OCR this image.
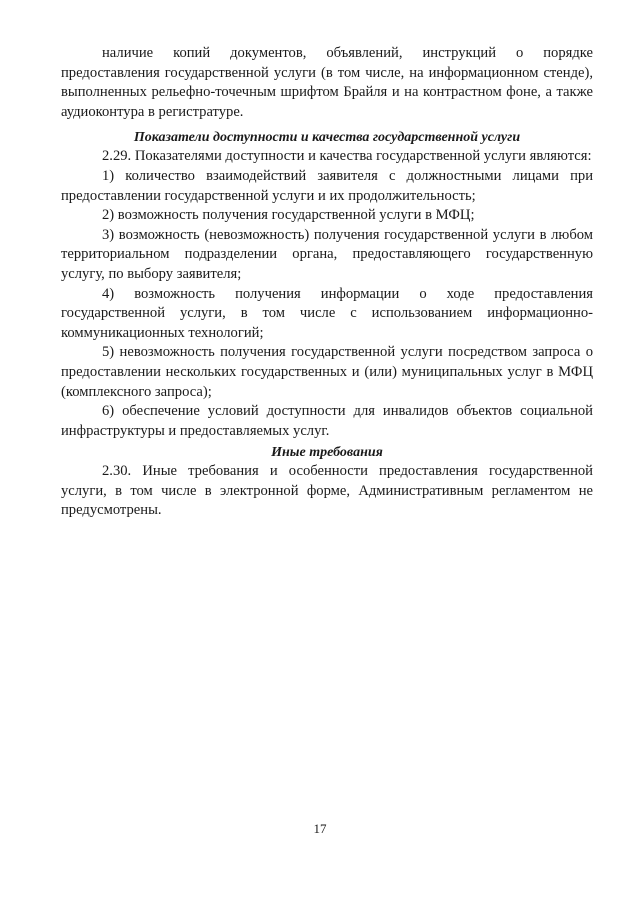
наличие копий документов, объявлений, инструкций о порядке предоставления государственной услуги (в том числе, на информационном стенде), выполненных рельефно-точечным шрифтом Брайля и на контрастном фоне, а также аудиоконтура в регистратуре.

Показатели доступности и качества государственной услуги

2.29. Показателями доступности и качества государственной услуги являются:

1) количество взаимодействий заявителя с должностными лицами при предоставлении государственной услуги и их продолжительность;

2) возможность получения государственной услуги в МФЦ;

3) возможность (невозможность) получения государственной услуги в любом территориальном подразделении органа, предоставляющего государственную услугу, по выбору заявителя;

4) возможность получения информации о ходе предоставления государственной услуги, в том числе с использованием информационно-коммуникационных технологий;

5) невозможность получения государственной услуги посредством запроса о предоставлении нескольких государственных и (или) муниципальных услуг в МФЦ (комплексного запроса);

6) обеспечение условий доступности для инвалидов объектов социальной инфраструктуры и предоставляемых услуг.

Иные требования

2.30. Иные требования и особенности предоставления государственной услуги, в том числе в электронной форме, Административным регламентом не предусмотрены.

17
